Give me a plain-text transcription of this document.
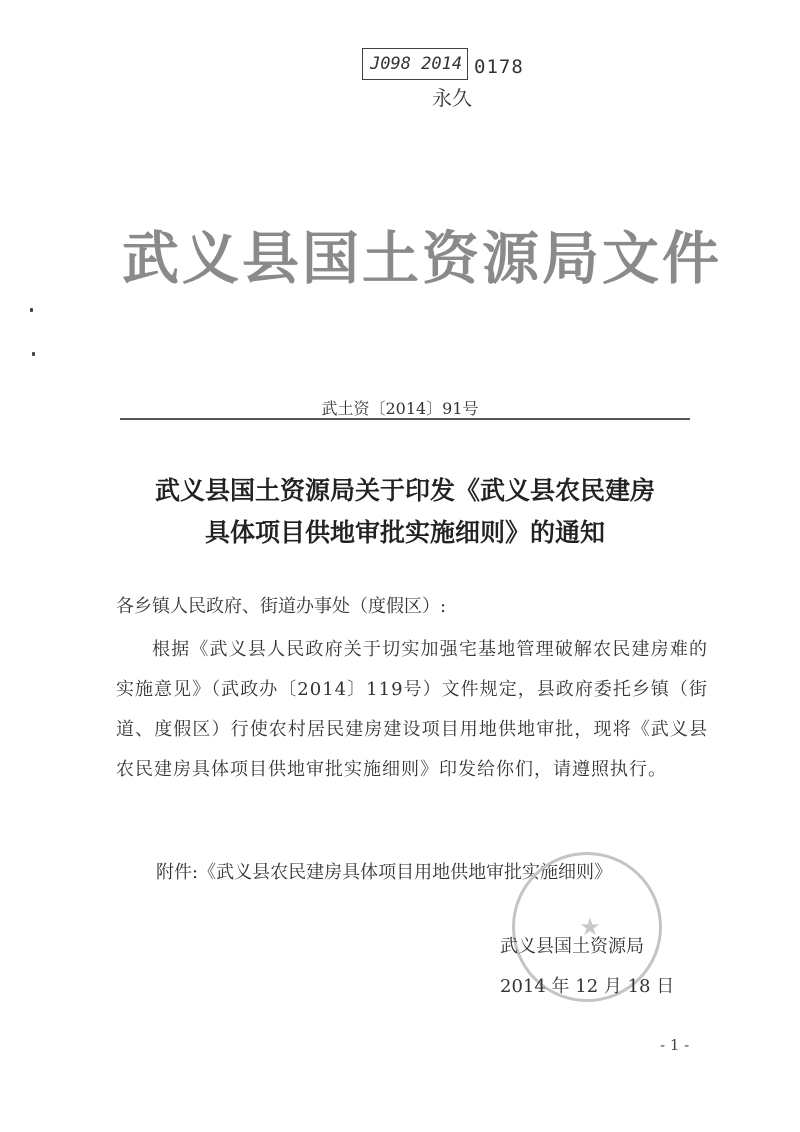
J098 2014 0178
永久
武义县国土资源局文件
武土资〔2014〕91号
武义县国土资源局关于印发《武义县农民建房
具体项目供地审批实施细则》的通知
各乡镇人民政府、街道办事处（度假区）:
根据《武义县人民政府关于切实加强宅基地管理破解农民建房难的实施意见》（武政办〔2014〕119号）文件规定，县政府委托乡镇（街道、度假区）行使农村居民建房建设项目用地供地审批，现将《武义县农民建房具体项目供地审批实施细则》印发给你们，请遵照执行。
附件:《武义县农民建房具体项目用地供地审批实施细则》
★
武义县国土资源局
2014 年 12 月 18 日
- 1 -
